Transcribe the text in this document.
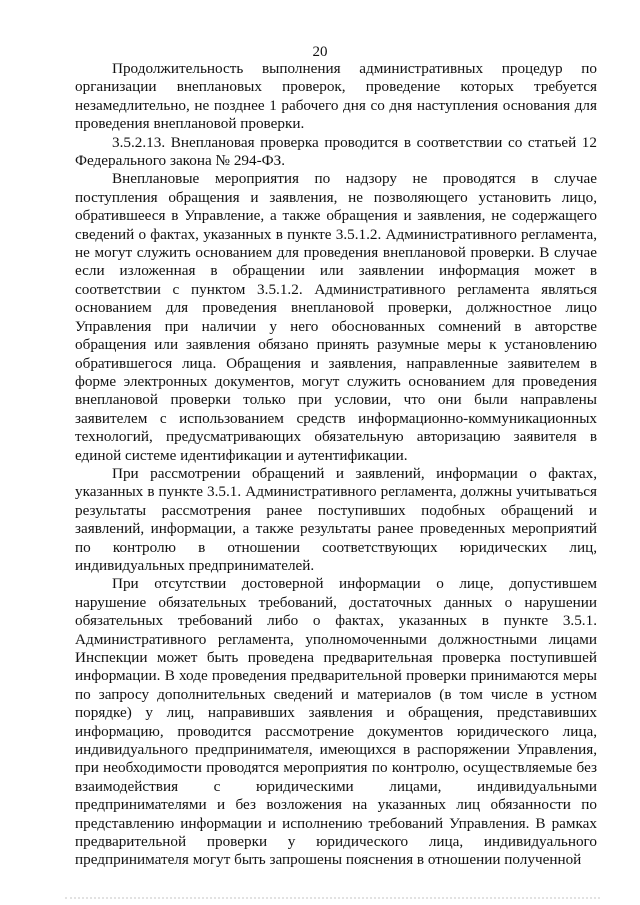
20

Продолжительность выполнения административных процедур по организации внеплановых проверок, проведение которых требуется незамедлительно, не позднее 1 рабочего дня со дня наступления основания для проведения внеплановой проверки.

3.5.2.13. Внеплановая проверка проводится в соответствии со статьей 12 Федерального закона № 294-ФЗ.

Внеплановые мероприятия по надзору не проводятся в случае поступления обращения и заявления, не позволяющего установить лицо, обратившееся в Управление, а также обращения и заявления, не содержащего сведений о фактах, указанных в пункте 3.5.1.2. Административного регламента, не могут служить основанием для проведения внеплановой проверки. В случае если изложенная в обращении или заявлении информация может в соответствии с пунктом 3.5.1.2. Административного регламента являться основанием для проведения внеплановой проверки, должностное лицо Управления при наличии у него обоснованных сомнений в авторстве обращения или заявления обязано принять разумные меры к установлению обратившегося лица. Обращения и заявления, направленные заявителем в форме электронных документов, могут служить основанием для проведения внеплановой проверки только при условии, что они были направлены заявителем с использованием средств информационно-коммуникационных технологий, предусматривающих обязательную авторизацию заявителя в единой системе идентификации и аутентификации.

При рассмотрении обращений и заявлений, информации о фактах, указанных в пункте 3.5.1. Административного регламента, должны учитываться результаты рассмотрения ранее поступивших подобных обращений и заявлений, информации, а также результаты ранее проведенных мероприятий по контролю в отношении соответствующих юридических лиц, индивидуальных предпринимателей.

При отсутствии достоверной информации о лице, допустившем нарушение обязательных требований, достаточных данных о нарушении обязательных требований либо о фактах, указанных в пункте 3.5.1. Административного регламента, уполномоченными должностными лицами Инспекции может быть проведена предварительная проверка поступившей информации. В ходе проведения предварительной проверки принимаются меры по запросу дополнительных сведений и материалов (в том числе в устном порядке) у лиц, направивших заявления и обращения, представивших информацию, проводится рассмотрение документов юридического лица, индивидуального предпринимателя, имеющихся в распоряжении Управления, при необходимости проводятся мероприятия по контролю, осуществляемые без взаимодействия с юридическими лицами, индивидуальными предпринимателями и без возложения на указанных лиц обязанности по представлению информации и исполнению требований Управления. В рамках предварительной проверки у юридического лица, индивидуального предпринимателя могут быть запрошены пояснения в отношении полученной
